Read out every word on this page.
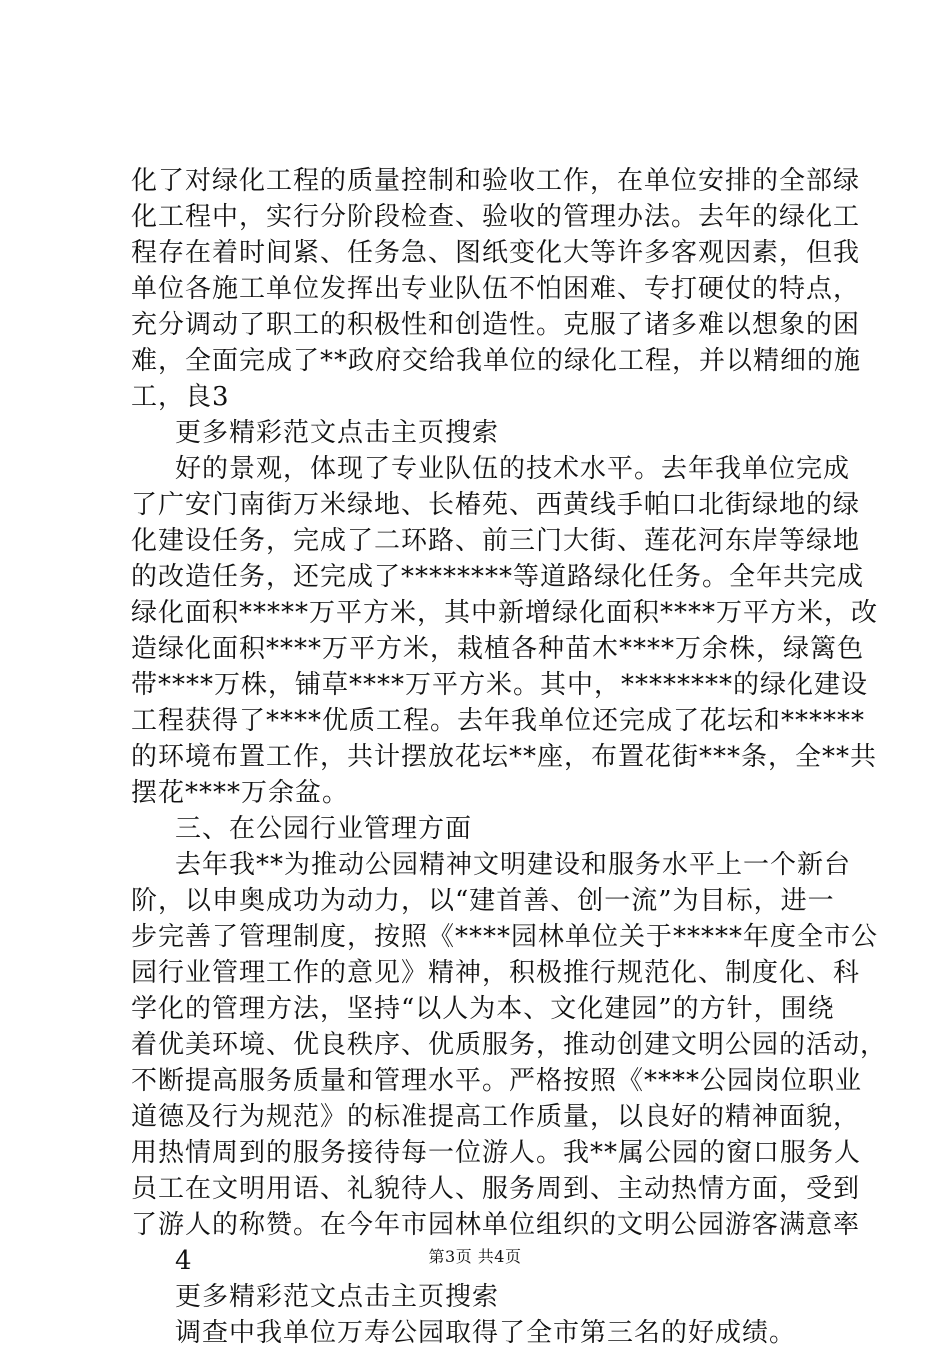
化了对绿化工程的质量控制和验收工作，在单位安排的全部绿
化工程中，实行分阶段检查、验收的管理办法。去年的绿化工
程存在着时间紧、任务急、图纸变化大等许多客观因素，但我
单位各施工单位发挥出专业队伍不怕困难、专打硬仗的特点，
充分调动了职工的积极性和创造性。克服了诸多难以想象的困
难，全面完成了**政府交给我单位的绿化工程，并以精细的施
工，良3
更多精彩范文点击主页搜索
好的景观，体现了专业队伍的技术水平。去年我单位完成
了广安门南街万米绿地、长椿苑、西黄线手帕口北街绿地的绿
化建设任务，完成了二环路、前三门大街、莲花河东岸等绿地
的改造任务，还完成了********等道路绿化任务。全年共完成
绿化面积*****万平方米，其中新增绿化面积****万平方米，改
造绿化面积****万平方米，栽植各种苗木****万余株，绿篱色
带****万株，铺草****万平方米。其中，********的绿化建设
工程获得了****优质工程。去年我单位还完成了花坛和******
的环境布置工作，共计摆放花坛**座，布置花街***条，全**共
摆花****万余盆。
三、在公园行业管理方面
去年我**为推动公园精神文明建设和服务水平上一个新台
阶，以申奥成功为动力，以“建首善、创一流”为目标，进一
步完善了管理制度，按照《****园林单位关于*****年度全市公
园行业管理工作的意见》精神，积极推行规范化、制度化、科
学化的管理方法，坚持“以人为本、文化建园”的方针，围绕
着优美环境、优良秩序、优质服务，推动创建文明公园的活动，
不断提高服务质量和管理水平。严格按照《****公园岗位职业
道德及行为规范》的标准提高工作质量，以良好的精神面貌，
用热情周到的服务接待每一位游人。我**属公园的窗口服务人
员工在文明用语、礼貌待人、服务周到、主动热情方面，受到
了游人的称赞。在今年市园林单位组织的文明公园游客满意率
4
更多精彩范文点击主页搜索
调查中我单位万寿公园取得了全市第三名的好成绩。
第3页 共4页
